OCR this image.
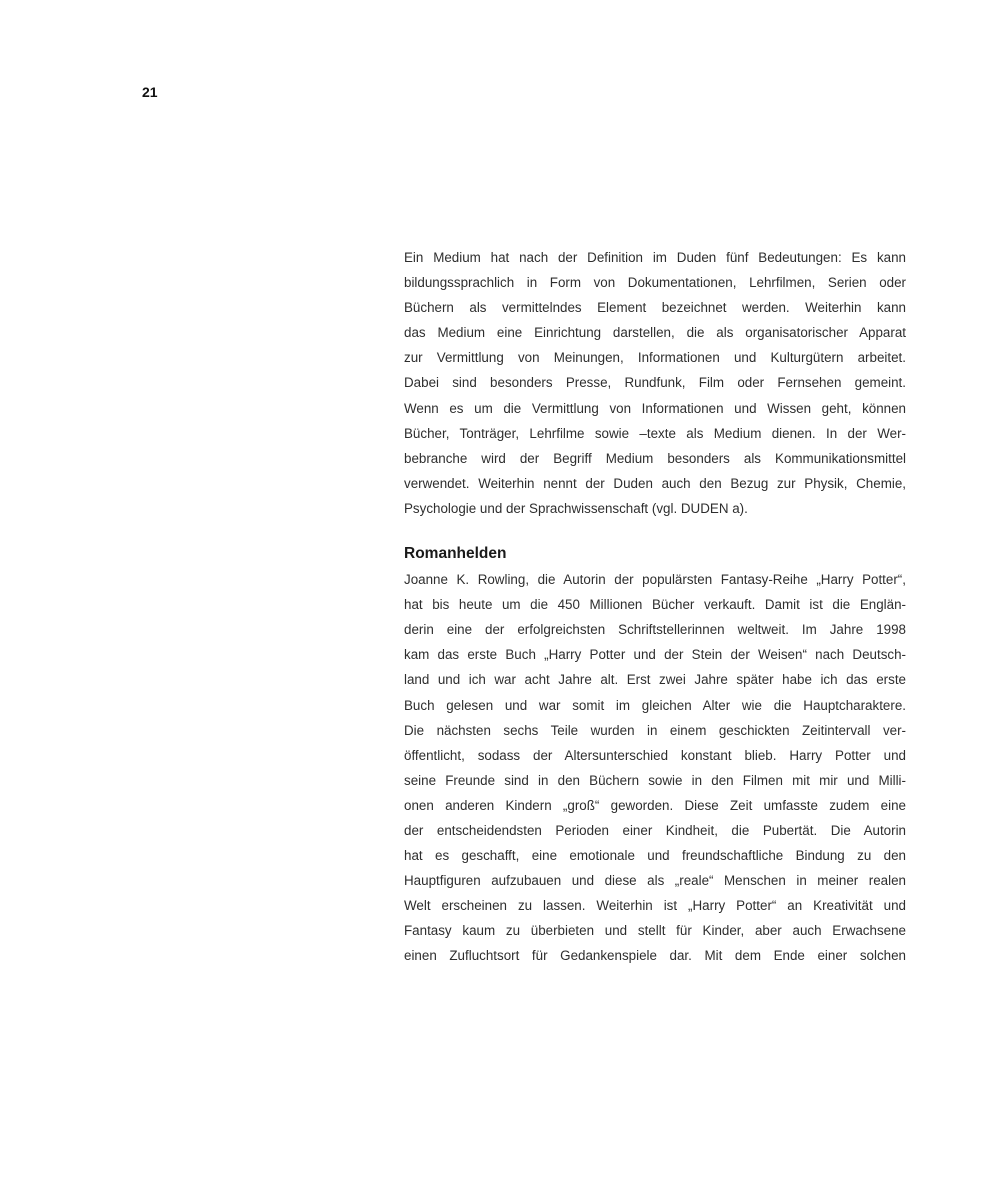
21
Ein Medium hat nach der Definition im Duden fünf Bedeutungen: Es kann
bildungssprachlich in Form von Dokumentationen, Lehrfilmen, Serien oder
Büchern als vermittelndes Element bezeichnet werden. Weiterhin kann
das Medium eine Einrichtung darstellen, die als organisatorischer Apparat
zur Vermittlung von Meinungen, Informationen und Kulturgütern arbeitet.
Dabei sind besonders Presse, Rundfunk, Film oder Fernsehen gemeint.
Wenn es um die Vermittlung von Informationen und Wissen geht, können
Bücher, Tonträger, Lehrfilme sowie –texte als Medium dienen. In der Wer-
bebranche wird der Begriff Medium besonders als Kommunikationsmittel
verwendet. Weiterhin nennt der Duden auch den Bezug zur Physik, Chemie,
Psychologie und der Sprachwissenschaft (vgl. DUDEN a).
Romanhelden
Joanne K. Rowling, die Autorin der populärsten Fantasy-Reihe „Harry Potter“,
hat bis heute um die 450 Millionen Bücher verkauft. Damit ist die Englän-
derin eine der erfolgreichsten Schriftstellerinnen weltweit. Im Jahre 1998
kam das erste Buch „Harry Potter und der Stein der Weisen“ nach Deutsch-
land und ich war acht Jahre alt. Erst zwei Jahre später habe ich das erste
Buch gelesen und war somit im gleichen Alter wie die Hauptcharaktere.
Die nächsten sechs Teile wurden in einem geschickten Zeitintervall ver-
öffentlicht, sodass der Altersunterschied konstant blieb. Harry Potter und
seine Freunde sind in den Büchern sowie in den Filmen mit mir und Milli-
onen anderen Kindern „groß“ geworden. Diese Zeit umfasste zudem eine
der entscheidendsten Perioden einer Kindheit, die Pubertät. Die Autorin
hat es geschafft, eine emotionale und freundschaftliche Bindung zu den
Hauptfiguren aufzubauen und diese als „reale“ Menschen in meiner realen
Welt erscheinen zu lassen. Weiterhin ist „Harry Potter“ an Kreativität und
Fantasy kaum zu überbieten und stellt für Kinder, aber auch Erwachsene
einen Zufluchtsort für Gedankenspiele dar. Mit dem Ende einer solchen
